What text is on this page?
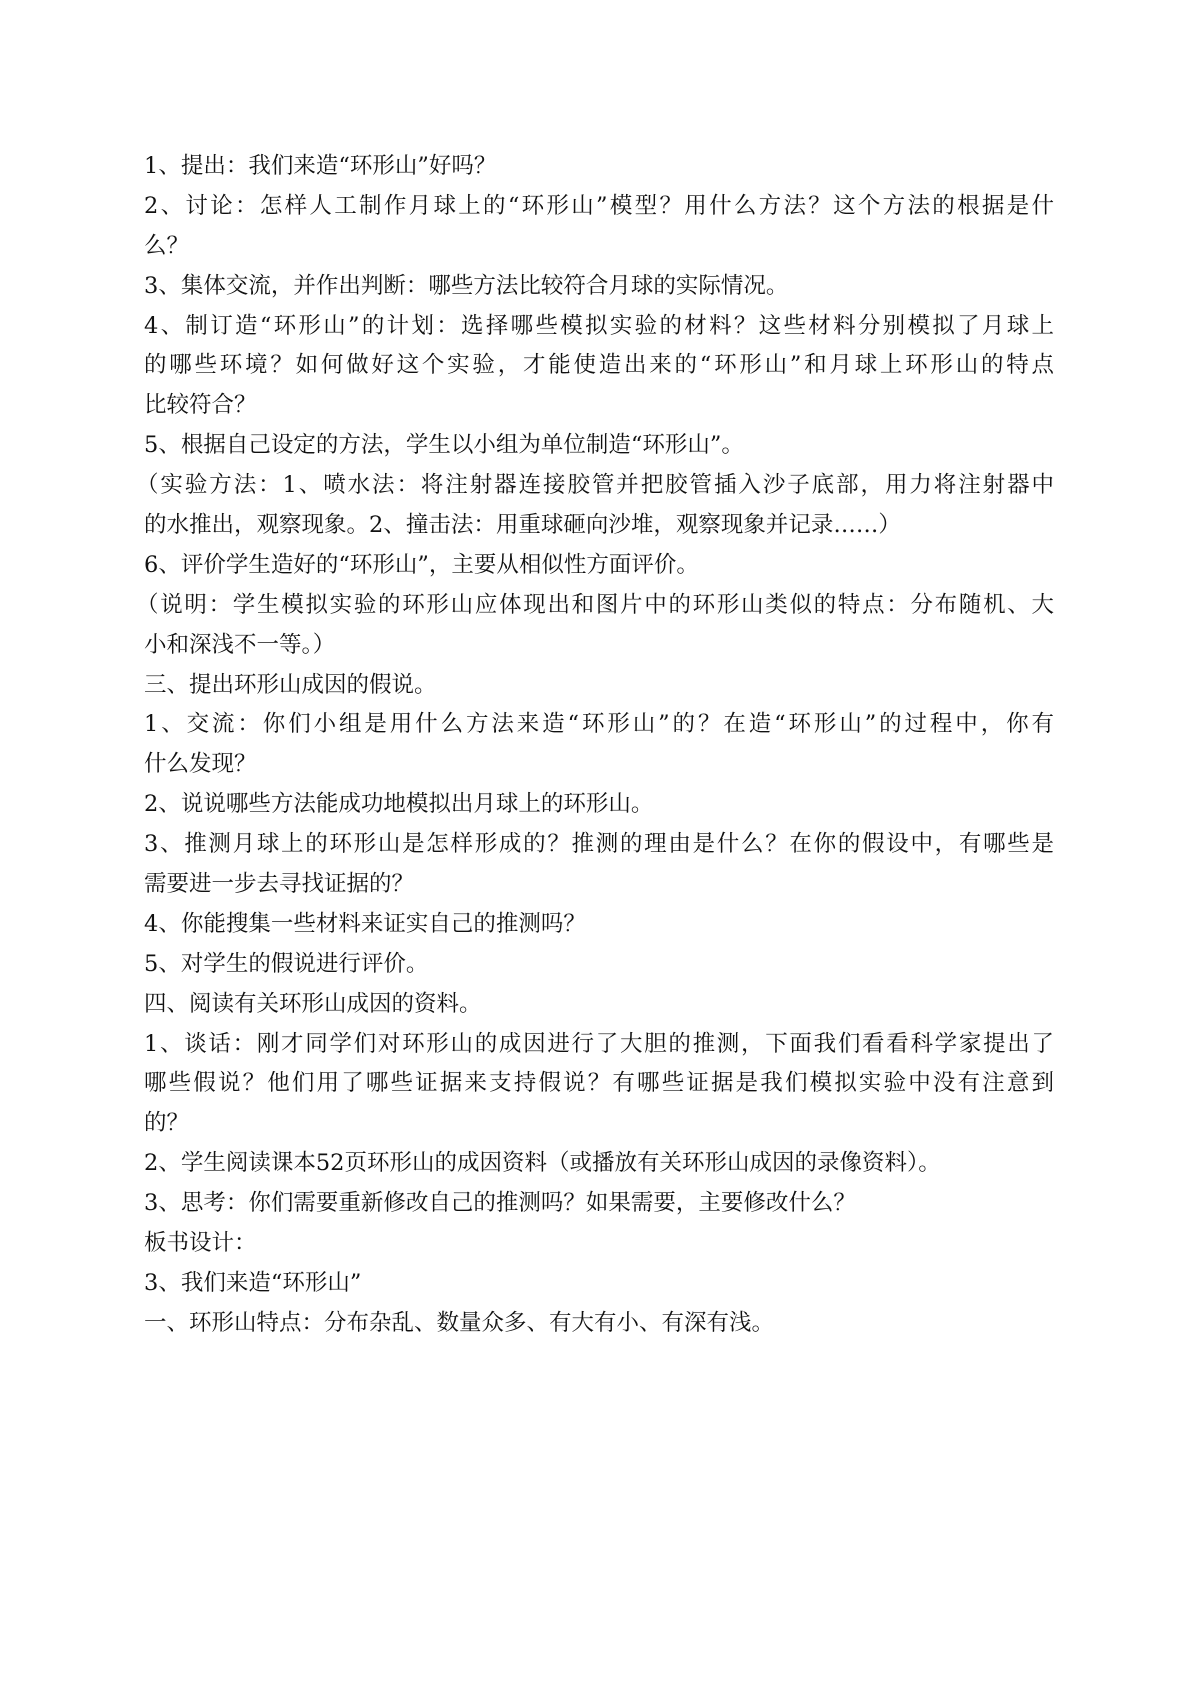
1、提出：我们来造“环形山”好吗？
2、讨论：怎样人工制作月球上的“环形山”模型？用什么方法？这个方法的根据是什
么？
3、集体交流，并作出判断：哪些方法比较符合月球的实际情况。
4、制订造“环形山”的计划：选择哪些模拟实验的材料？这些材料分别模拟了月球上
的哪些环境？如何做好这个实验，才能使造出来的“环形山”和月球上环形山的特点
比较符合？
5、根据自己设定的方法，学生以小组为单位制造“环形山”。
（实验方法：1、喷水法：将注射器连接胶管并把胶管插入沙子底部，用力将注射器中
的水推出，观察现象。2、撞击法：用重球砸向沙堆，观察现象并记录……）
6、评价学生造好的“环形山”，主要从相似性方面评价。
（说明：学生模拟实验的环形山应体现出和图片中的环形山类似的特点：分布随机、大
小和深浅不一等。）
三、提出环形山成因的假说。
1、交流：你们小组是用什么方法来造“环形山”的？在造“环形山”的过程中，你有
什么发现？
2、说说哪些方法能成功地模拟出月球上的环形山。
3、推测月球上的环形山是怎样形成的？推测的理由是什么？在你的假设中，有哪些是
需要进一步去寻找证据的？
4、你能搜集一些材料来证实自己的推测吗？
5、对学生的假说进行评价。
四、阅读有关环形山成因的资料。
1、谈话：刚才同学们对环形山的成因进行了大胆的推测，下面我们看看科学家提出了
哪些假说？他们用了哪些证据来支持假说？有哪些证据是我们模拟实验中没有注意到
的？
2、学生阅读课本52页环形山的成因资料（或播放有关环形山成因的录像资料）。
3、思考：你们需要重新修改自己的推测吗？如果需要，主要修改什么？
板书设计：
3、我们来造“环形山”
一、环形山特点：分布杂乱、数量众多、有大有小、有深有浅。
